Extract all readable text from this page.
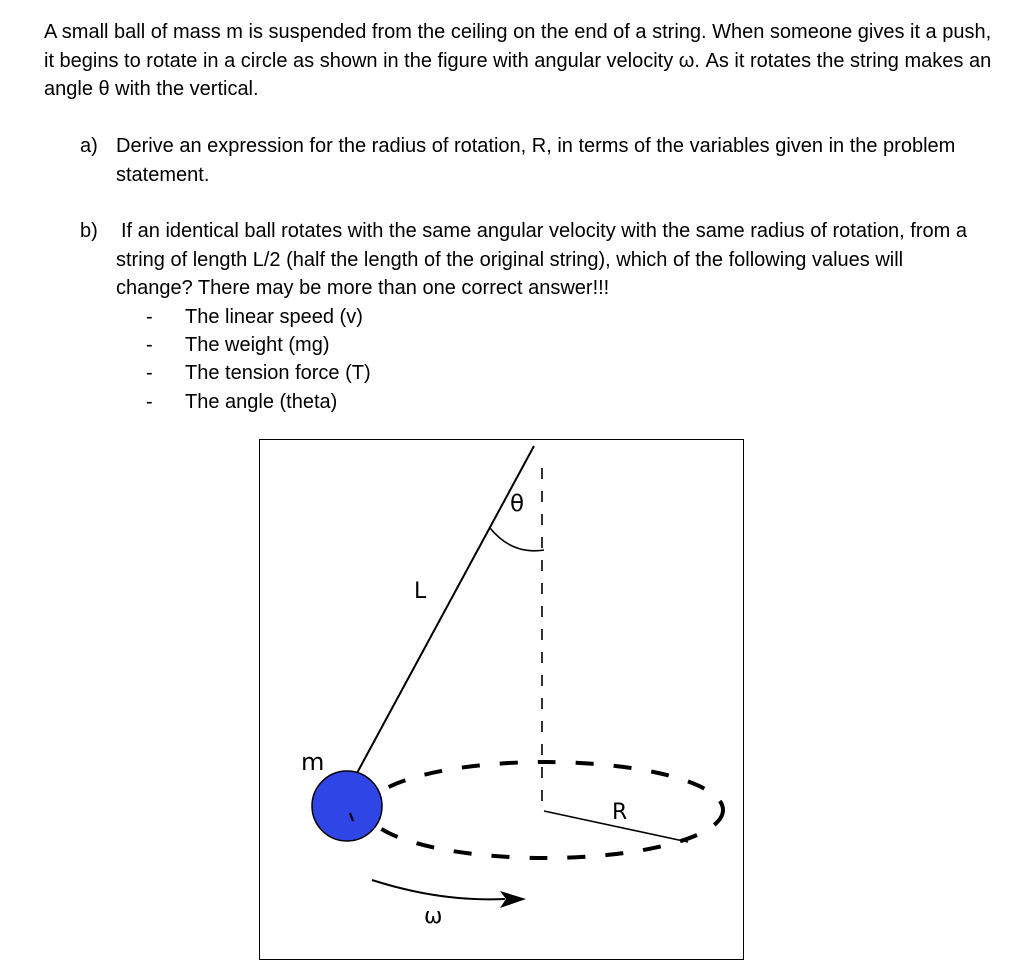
A small ball of mass m is suspended from the ceiling on the end of a string. When someone gives it a push, it begins to rotate in a circle as shown in the figure with angular velocity ω. As it rotates the string makes an angle θ with the vertical.
a) Derive an expression for the radius of rotation, R, in terms of the variables given in the problem statement.
b) If an identical ball rotates with the same angular velocity with the same radius of rotation, from a string of length L/2 (half the length of the original string), which of the following values will change? There may be more than one correct answer!!!
- The linear speed (v)
- The weight (mg)
- The tension force (T)
- The angle (theta)
θ
L
m
R
ω
